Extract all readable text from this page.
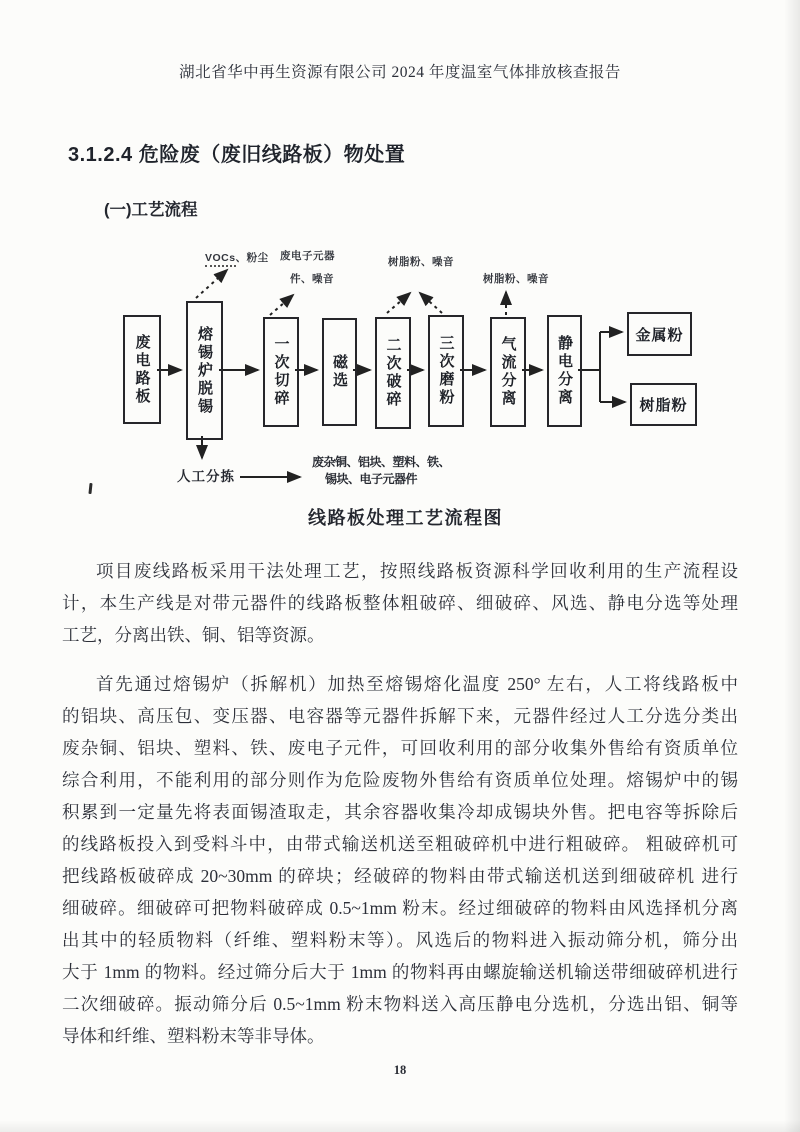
湖北省华中再生资源有限公司 2024 年度温室气体排放核查报告
3.1.2.4 危险废（废旧线路板）物处置
(一)工艺流程
废电路板	熔锡炉脱锡	一次切碎	磁选 二次破碎 三次磨粉	气流分离	静电分离	金属粉
树脂粉
VOCs、粉尘 废电子元器
件、噪音
树脂粉、噪音
树脂粉、噪音
人工分拣
废杂铜、铝块、塑料、铁、
锡块、电子元器件
线路板处理工艺流程图
项目废线路板采用干法处理工艺，按照线路板资源科学回收利用的生产流程设
计，本生产线是对带元器件的线路板整体粗破碎、细破碎、风选、静电分选等处理
工艺，分离出铁、铜、铝等资源。
首先通过熔锡炉（拆解机）加热至熔锡熔化温度 250° 左右，人工将线路板中
的铝块、高压包、变压器、电容器等元器件拆解下来，元器件经过人工分选分类出
废杂铜、铝块、塑料、铁、废电子元件，可回收利用的部分收集外售给有资质单位
综合利用，不能利用的部分则作为危险废物外售给有资质单位处理。熔锡炉中的锡
积累到一定量先将表面锡渣取走，其余容器收集冷却成锡块外售。把电容等拆除后
的线路板投入到受料斗中，由带式输送机送至粗破碎机中进行粗破碎。 粗破碎机可
把线路板破碎成 20~30mm 的碎块；经破碎的物料由带式输送机送到细破碎机 进行
细破碎。细破碎可把物料破碎成 0.5~1mm 粉末。经过细破碎的物料由风选择机分离
出其中的轻质物料（纤维、塑料粉末等）。风选后的物料进入振动筛分机，筛分出
大于 1mm 的物料。经过筛分后大于 1mm 的物料再由螺旋输送机输送带细破碎机进行
二次细破碎。振动筛分后 0.5~1mm 粉末物料送入高压静电分选机，分选出铝、铜等
导体和纤维、塑料粉末等非导体。
18
